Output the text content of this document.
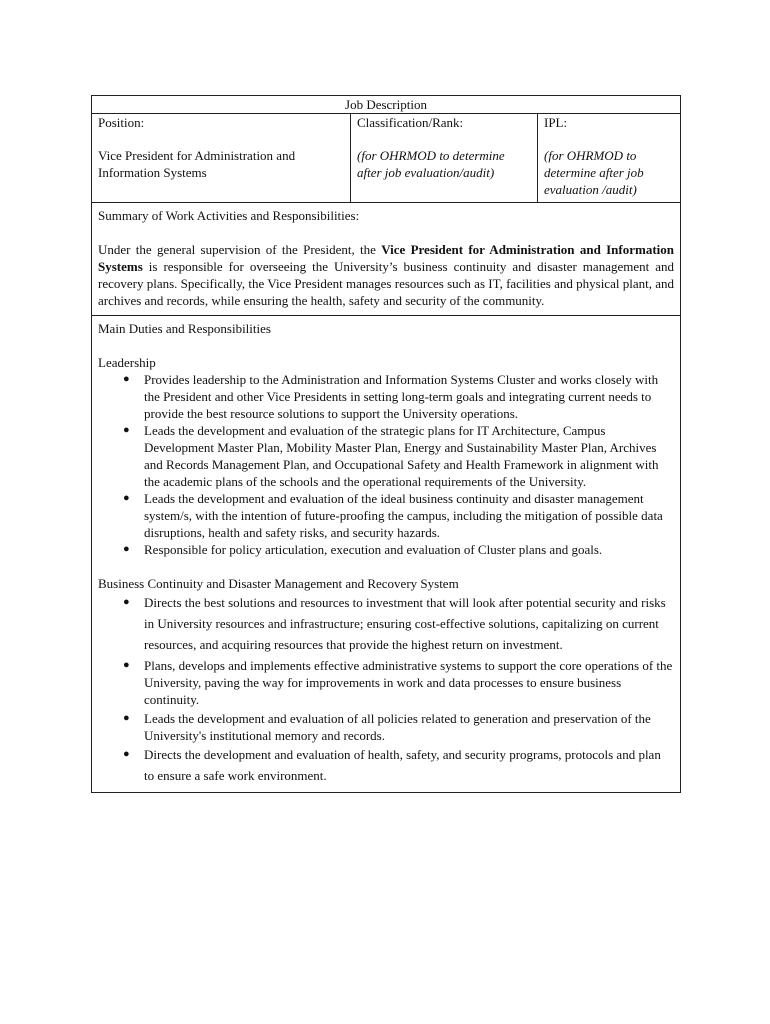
Job Description
Position:
Vice President for Administration and Information Systems
Classification/Rank:
(for OHRMOD to determine after job evaluation/audit)
IPL:
(for OHRMOD to determine after job evaluation /audit)
Summary of Work Activities and Responsibilities:
Under the general supervision of the President, the Vice President for Administration and Information Systems is responsible for overseeing the University’s business continuity and disaster management and recovery plans. Specifically, the Vice President manages resources such as IT, facilities and physical plant, and archives and records, while ensuring the health, safety and security of the community.
Main Duties and Responsibilities
Leadership
● Provides leadership to the Administration and Information Systems Cluster and works closely with the President and other Vice Presidents in setting long-term goals and integrating current needs to provide the best resource solutions to support the University operations.
● Leads the development and evaluation of the strategic plans for IT Architecture, Campus Development Master Plan, Mobility Master Plan, Energy and Sustainability Master Plan, Archives and Records Management Plan, and Occupational Safety and Health Framework in alignment with the academic plans of the schools and the operational requirements of the University.
● Leads the development and evaluation of the ideal business continuity and disaster management system/s, with the intention of future-proofing the campus, including the mitigation of possible data disruptions, health and safety risks, and security hazards.
● Responsible for policy articulation, execution and evaluation of Cluster plans and goals.
Business Continuity and Disaster Management and Recovery System
● Directs the best solutions and resources to investment that will look after potential security and risks in University resources and infrastructure; ensuring cost-effective solutions, capitalizing on current resources, and acquiring resources that provide the highest return on investment.
● Plans, develops and implements effective administrative systems to support the core operations of the University, paving the way for improvements in work and data processes to ensure business continuity.
● Leads the development and evaluation of all policies related to generation and preservation of the University's institutional memory and records.
● Directs the development and evaluation of health, safety, and security programs, protocols and plan to ensure a safe work environment.
